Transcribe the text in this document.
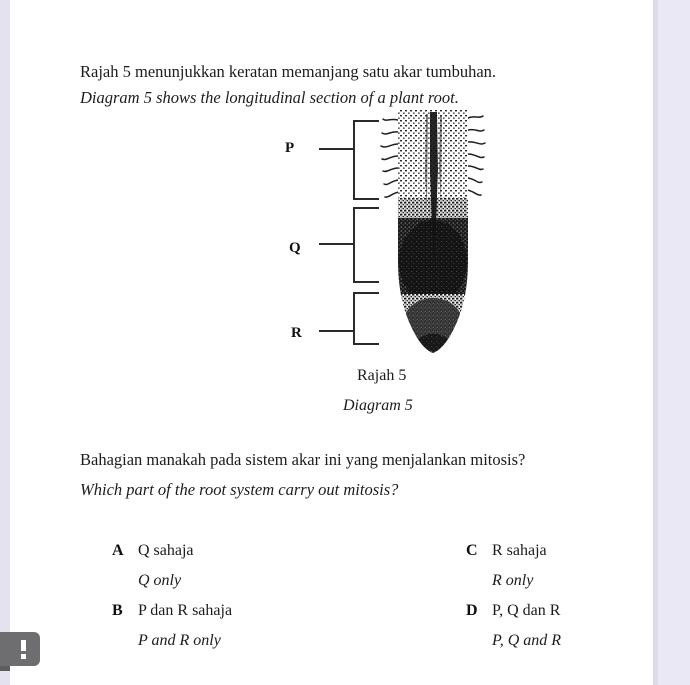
Rajah 5 menunjukkan keratan memanjang satu akar tumbuhan.
Diagram 5 shows the longitudinal section of a plant root.
P
Q
R
Rajah 5
Diagram 5
Bahagian manakah pada sistem akar ini yang menjalankan mitosis?
Which part of the root system carry out mitosis?
A Q sahaja
Q only
B P dan R sahaja
P and R only
C R sahaja
R only
D P, Q dan R
P, Q and R
